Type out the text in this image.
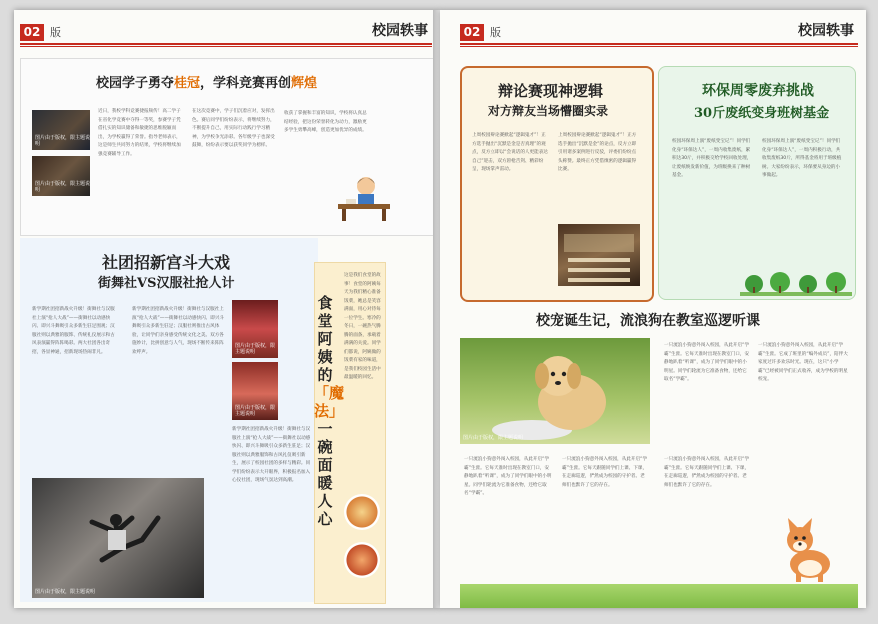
02 版	校园轶事
校园学子勇夺桂冠，学科竞赛再创辉煌
图片由于版权，限主题说明
图片由于版权，限主题说明
近日，我校学科竞赛捷报频传！高二学子在省化学竞赛中夺得一等奖，参赛学子凭借扎实的知识储备和敏捷的思维脱颖而出，为学校赢得了荣誉。指导老师表示，这是师生共同努力的结果，学校将继续加强竞赛辅导工作。
在这次竞赛中，学子们沉着应对，发挥出色。赛后同学们纷纷表示，将继续努力，不断提升自己，用实际行动践行学习精神，为学校争光添彩。各年级学子也深受鼓舞，纷纷表示要以获奖同学为榜样。
收获了掌握和丰富的知识，学校将认真总结经验，把这份荣誉转化为动力，激励更多学生勇攀高峰，创造更加优异的成绩。
社团招新宫斗大戏
街舞社VS汉服社抢人计
新学期社团招新战火升级！街舞社与汉服社上演“抢人大战”——街舞社以动感快闪、即兴斗舞吸引众多新生驻足围观；汉服社则以典雅的服饰、传统礼仪展示和古风表演赢得阵阵喝彩。两大社团各出奇招，各显神通，招新现场热闹非凡。
新学期社团招新战火升级！街舞社与汉服社上演“抢人大战”——街舞社以动感快闪、即兴斗舞吸引众多新生驻足；汉服社则推出古风体验，让同学们亲身感受传统文化之美。双方各施妙计，比拼创意与人气，现场不断传来阵阵欢呼声。
图片由于版权，限主题说明
图片由于版权，限主题说明
新学期社团招新战火升级！街舞社与汉服社上演“抢人大战”——街舞社以动感快闪、即兴斗舞吸引众多新生驻足；汉服社则以典雅服饰和古风礼仪吸引新生，展示了校园社团的多样与精彩。同学们纷纷表示大开眼界，积极报名加入心仪社团，现场气氛达到高潮。
图片由于版权，限主题说明
食堂阿姨的
「魔法」
一碗面暖人心
这是我们食堂的故事！食堂的阿姨每天为我们精心准备饭菜，她总是笑容满面，用心对待每一位学生。寒冷的冬日，一碗热气腾腾的面条，承载着满满的关爱。同学们都说，阿姨做的饭菜有家的味道，是我们校园生活中最温暖的回忆。
02 版	校园轶事
辩论赛现神逻辑
对方辩友当场懵圈实录
上周校园辩论赛掀起“逻辑鬼才”！正方选手抛出“沉默是金是否真理”的观点，反方立即以“会说话的人更能表达自己”迎击，双方唇枪舌剑、精彩纷呈，现场掌声雷动。
上周校园辩论赛掀起“逻辑鬼才”！正方选手抛出“沉默是金”的论点，反方立即引用诸多案例进行反驳，评委们纷纷点头称赞。最终正方凭借缜密的逻辑赢得比赛。
环保周零废弃挑战
30斤废纸变身班树基金
校园环保周上演“废纸变宝记”！同学们化身“环保达人”，一周内收集废纸，累积达30斤，并积极交给学校回收处理，让废纸焕发新价值，为班级换来了种树基金。
校园环保周上演“废纸变宝记”！同学们化身“环保达人”，一周内积极行动，共收集废纸30斤，所得基金将用于班级植树。大家纷纷表示，环保要从身边的小事做起。
校宠诞生记，流浪狗在教室巡逻听课
图片由于版权，限主题说明
一只流浪小狗意外闯入校园，从此开启“学霸”生涯。它每天准时出现在教室门口，安静地趴着“听课”，成为了同学们眼中的小明星。同学们轮流为它准备食物，还给它取名“学霸”。
一只流浪小狗意外闯入校园，从此开启“学霸”生涯。它成了班里的“编外成员”，陪伴大家度过许多欢乐时光。现在，这只“小学霸”已经被同学们正式收养，成为学校的明星校宠。
一只流浪小狗意外闯入校园，从此开启“学霸”生涯。它每天准时出现在教室门口，安静地趴着“听课”，成为了同学们眼中的小明星。同学们轮流为它准备食物，还给它取名“学霸”。
一只流浪小狗意外闯入校园，从此开启“学霸”生涯。它每天跟随同学们上课、下课，在走廊巡逻，俨然成为校园的守护者。老师们也默许了它的存在。
一只流浪小狗意外闯入校园，从此开启“学霸”生涯。它每天跟随同学们上课、下课，在走廊巡逻，俨然成为校园的守护者。老师们也默许了它的存在。
